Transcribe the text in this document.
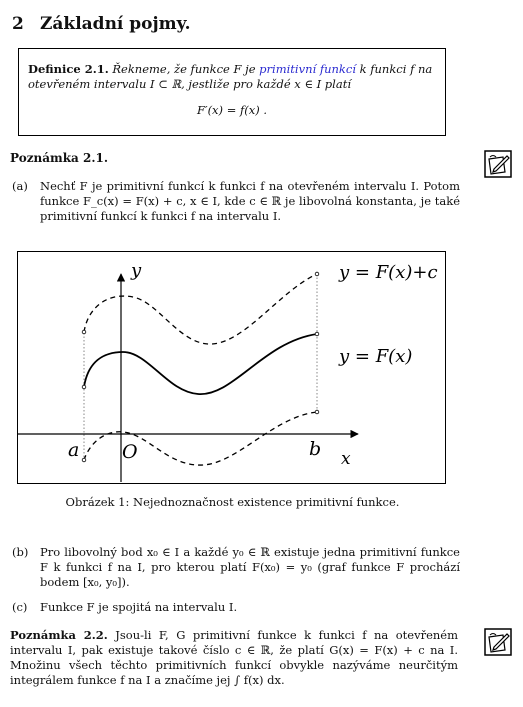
2 Základní pojmy.
Definice 2.1. Řekneme, že funkce F je primitivní funkcí k funkci f na otevřeném intervalu I ⊂ ℝ, jestliže pro každé x ∈ I platí
F′(x) = f(x) .
Poznámka 2.1.
(a) Nechť F je primitivní funkcí k funkci f na otevřeném intervalu I. Potom funkce F_c(x) = F(x) + c, x ∈ I, kde c ∈ ℝ je libovolná konstanta, je také primitivní funkcí k funkci f na intervalu I.
y
x
a O	b
y = F(x)+c
y = F(x)
Obrázek 1: Nejednoznačnost existence primitivní funkce.
(b) Pro libovolný bod x₀ ∈ I a každé y₀ ∈ ℝ existuje jedna primitivní funkce F k funkci f na I, pro kterou platí F(x₀) = y₀ (graf funkce F prochází bodem [x₀, y₀]).
(c) Funkce F je spojitá na intervalu I.
Poznámka 2.2. Jsou-li F, G primitivní funkce k funkci f na otevřeném intervalu I, pak existuje takové číslo c ∈ ℝ, že platí G(x) = F(x) + c na I. Množinu všech těchto primitivních funkcí obvykle nazýváme neurčitým integrálem funkce f na I a značíme jej ∫ f(x) dx.
